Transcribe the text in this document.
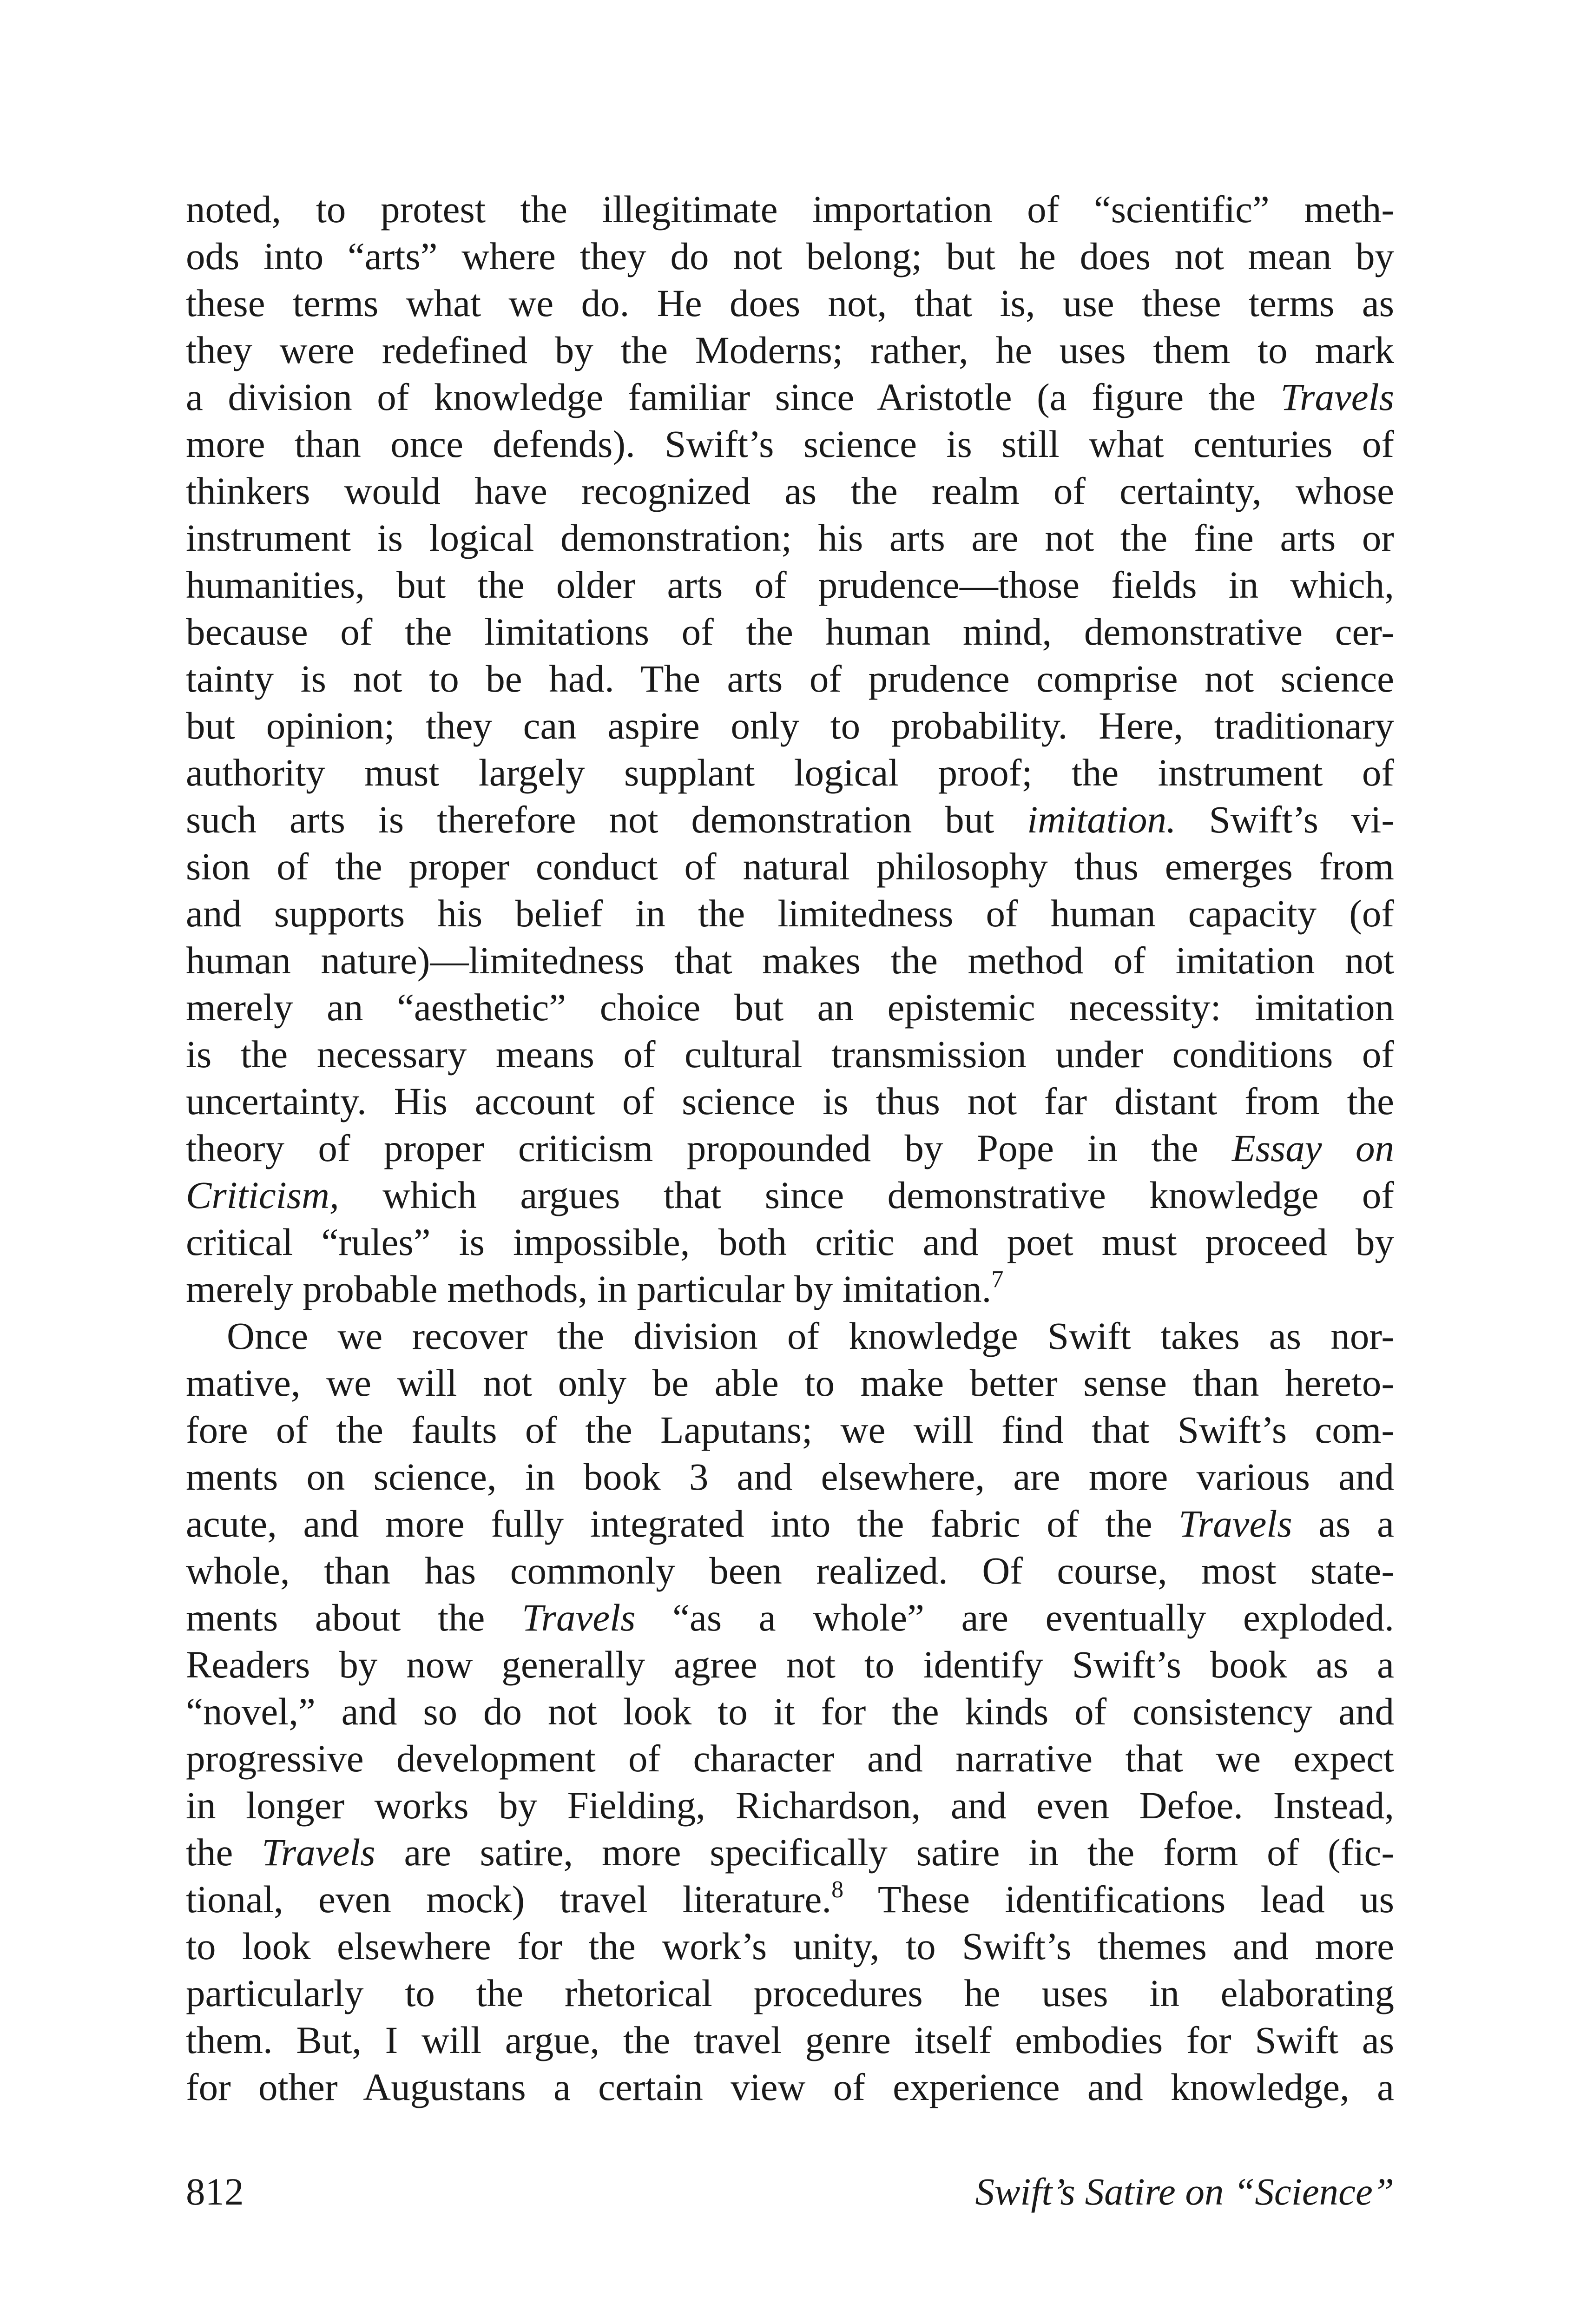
noted, to protest the illegitimate importation of “scientific” meth-
ods into “arts” where they do not belong; but he does not mean by
these terms what we do. He does not, that is, use these terms as
they were redefined by the Moderns; rather, he uses them to mark
a division of knowledge familiar since Aristotle (a figure the Travels
more than once defends). Swift’s science is still what centuries of
thinkers would have recognized as the realm of certainty, whose
instrument is logical demonstration; his arts are not the fine arts or
humanities, but the older arts of prudence—those fields in which,
because of the limitations of the human mind, demonstrative cer-
tainty is not to be had. The arts of prudence comprise not science
but opinion; they can aspire only to probability. Here, traditionary
authority must largely supplant logical proof; the instrument of
such arts is therefore not demonstration but imitation. Swift’s vi-
sion of the proper conduct of natural philosophy thus emerges from
and supports his belief in the limitedness of human capacity (of
human nature)—limitedness that makes the method of imitation not
merely an “aesthetic” choice but an epistemic necessity: imitation
is the necessary means of cultural transmission under conditions of
uncertainty. His account of science is thus not far distant from the
theory of proper criticism propounded by Pope in the Essay on
Criticism, which argues that since demonstrative knowledge of
critical “rules” is impossible, both critic and poet must proceed by
merely probable methods, in particular by imitation.$^7$
Once we recover the division of knowledge Swift takes as nor-
mative, we will not only be able to make better sense than hereto-
fore of the faults of the Laputans; we will find that Swift’s com-
ments on science, in book 3 and elsewhere, are more various and
acute, and more fully integrated into the fabric of the Travels as a
whole, than has commonly been realized. Of course, most state-
ments about the Travels “as a whole” are eventually exploded.
Readers by now generally agree not to identify Swift’s book as a
“novel,” and so do not look to it for the kinds of consistency and
progressive development of character and narrative that we expect
in longer works by Fielding, Richardson, and even Defoe. Instead,
the Travels are satire, more specifically satire in the form of (fic-
tional, even mock) travel literature.$^8$ These identifications lead us
to look elsewhere for the work’s unity, to Swift’s themes and more
particularly to the rhetorical procedures he uses in elaborating
them. But, I will argue, the travel genre itself embodies for Swift as
for other Augustans a certain view of experience and knowledge, a
812	Swift’s Satire on “Science”
